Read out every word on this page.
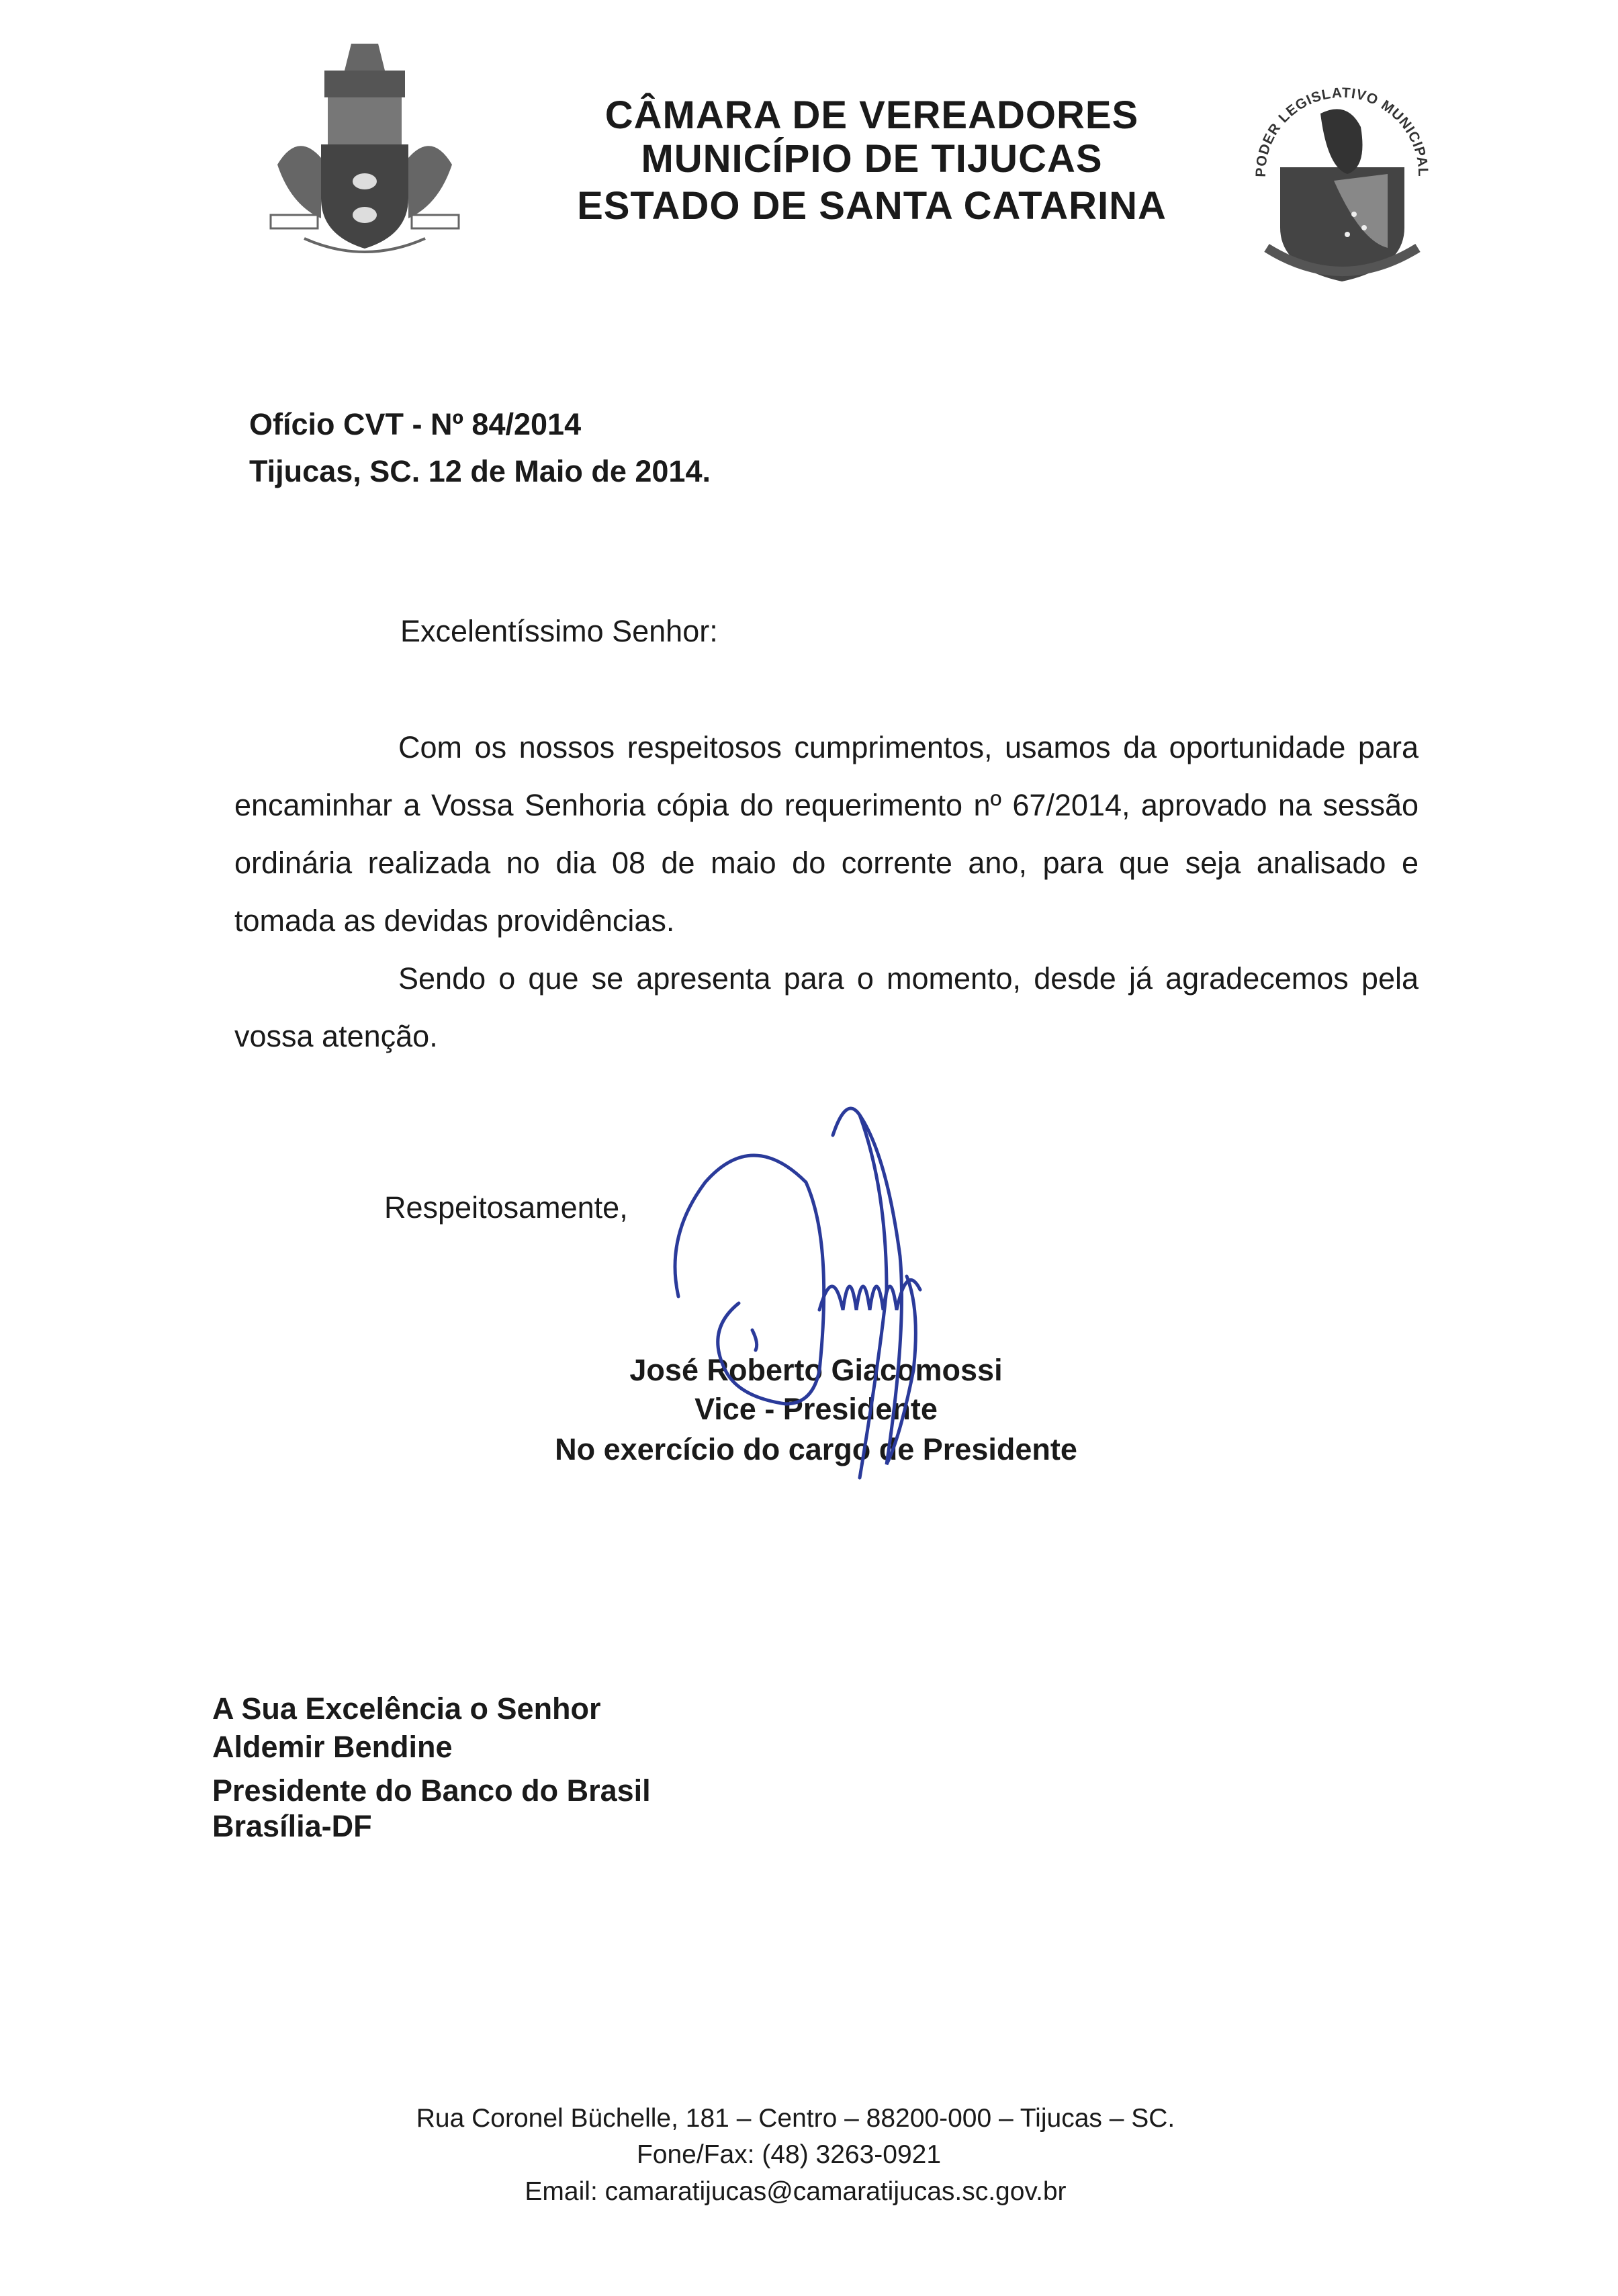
CÂMARA DE VEREADORES
MUNICÍPIO DE TIJUCAS
ESTADO DE SANTA CATARINA
PODER LEGISLATIVO MUNICIPAL
Ofício CVT - Nº 84/2014
Tijucas, SC. 12 de Maio de 2014.
Excelentíssimo Senhor:

Com os nossos respeitosos cumprimentos, usamos da oportunidade para encaminhar a Vossa Senhoria cópia do requerimento nº 67/2014, aprovado na sessão ordinária realizada no dia 08 de maio do corrente ano, para que seja analisado e tomada as devidas providências.

Sendo o que se apresenta para o momento, desde já agradecemos pela vossa atenção.

Respeitosamente,
José Roberto Giacomossi
Vice - Presidente
No exercício do cargo de Presidente
A Sua Excelência o Senhor
Aldemir Bendine
Presidente do Banco do Brasil
Brasília-DF
Rua Coronel Büchelle, 181 – Centro – 88200-000 – Tijucas – SC.
Fone/Fax: (48) 3263-0921
Email: camaratijucas@camaratijucas.sc.gov.br
